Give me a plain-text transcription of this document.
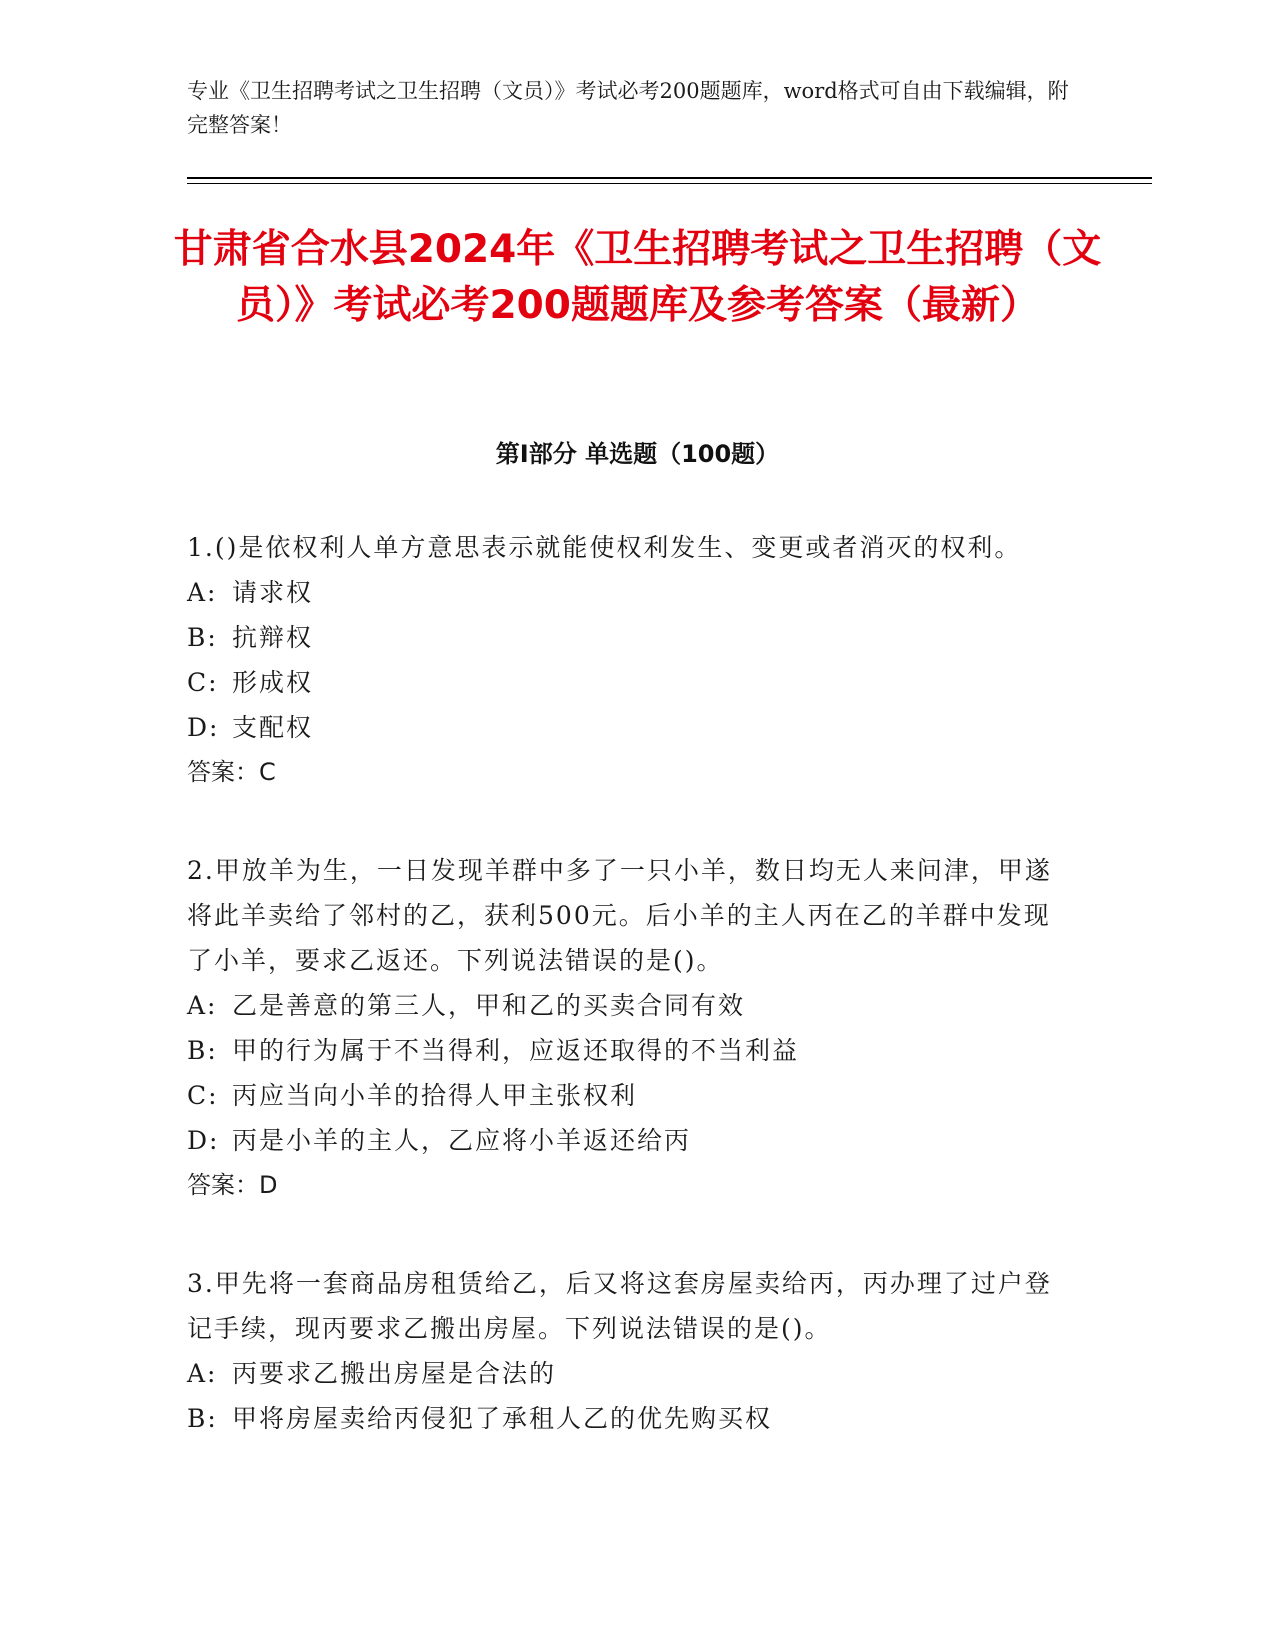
专业《卫生招聘考试之卫生招聘（文员）》考试必考200题题库，word格式可自由下载编辑，附完整答案！
甘肃省合水县2024年《卫生招聘考试之卫生招聘（文员）》考试必考200题题库及参考答案（最新）
第Ⅰ部分 单选题（100题）

1.()是依权利人单方意思表示就能使权利发生、变更或者消灭的权利。

A: 请求权

B: 抗辩权

C: 形成权

D: 支配权

答案：C

2.甲放羊为生，一日发现羊群中多了一只小羊，数日均无人来问津，甲遂将此羊卖给了邻村的乙，获利500元。后小羊的主人丙在乙的羊群中发现了小羊，要求乙返还。下列说法错误的是()。

A: 乙是善意的第三人，甲和乙的买卖合同有效

B: 甲的行为属于不当得利，应返还取得的不当利益

C: 丙应当向小羊的拾得人甲主张权利

D: 丙是小羊的主人，乙应将小羊返还给丙

答案：D

3.甲先将一套商品房租赁给乙，后又将这套房屋卖给丙，丙办理了过户登记手续，现丙要求乙搬出房屋。下列说法错误的是()。

A: 丙要求乙搬出房屋是合法的

B: 甲将房屋卖给丙侵犯了承租人乙的优先购买权
